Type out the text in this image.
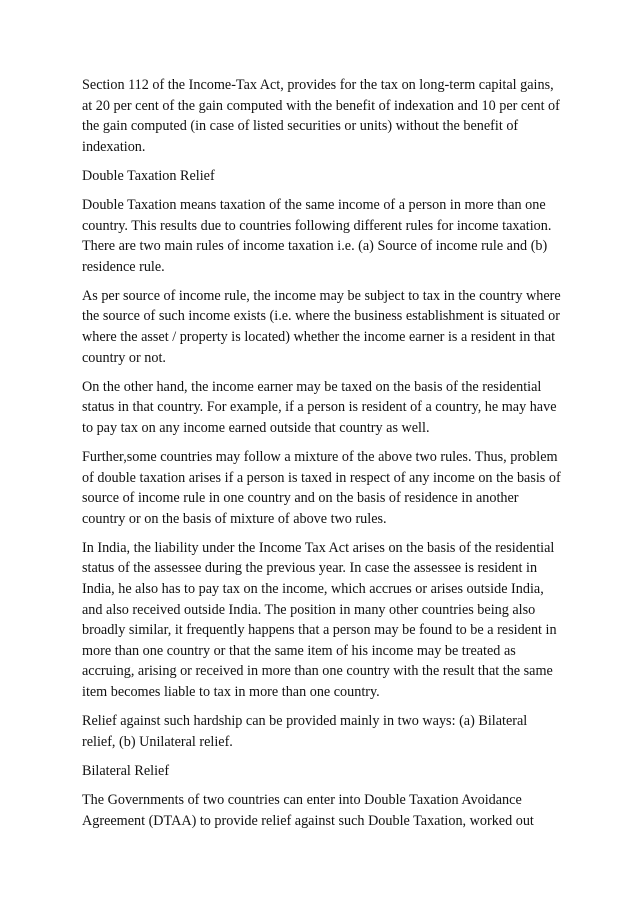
Section 112 of the Income-Tax Act, provides for the tax on long-term capital gains, at 20 per cent of the gain computed with the benefit of indexation and 10 per cent of the gain computed (in case of listed securities or units) without the benefit of indexation.

Double Taxation Relief

Double Taxation means taxation of the same income of a person in more than one country. This results due to countries following different rules for income taxation. There are two main rules of income taxation i.e. (a) Source of income rule and (b) residence rule.

As per source of income rule, the income may be subject to tax in the country where the source of such income exists (i.e. where the business establishment is situated or where the asset / property is located) whether the income earner is a resident in that country or not.

On the other hand, the income earner may be taxed on the basis of the residential status in that country. For example, if a person is resident of a country, he may have to pay tax on any income earned outside that country as well.

Further,some countries may follow a mixture of the above two rules. Thus, problem of double taxation arises if a person is taxed in respect of any income on the basis of source of income rule in one country and on the basis of residence in another country or on the basis of mixture of above two rules.

In India, the liability under the Income Tax Act arises on the basis of the residential status of the assessee during the previous year. In case the assessee is resident in India, he also has to pay tax on the income, which accrues or arises outside India, and also received outside India. The position in many other countries being also broadly similar, it frequently happens that a person may be found to be a resident in more than one country or that the same item of his income may be treated as accruing, arising or received in more than one country with the result that the same item becomes liable to tax in more than one country.

Relief against such hardship can be provided mainly in two ways: (a) Bilateral relief, (b) Unilateral relief.

Bilateral Relief

The Governments of two countries can enter into Double Taxation Avoidance Agreement (DTAA) to provide relief against such Double Taxation, worked out
